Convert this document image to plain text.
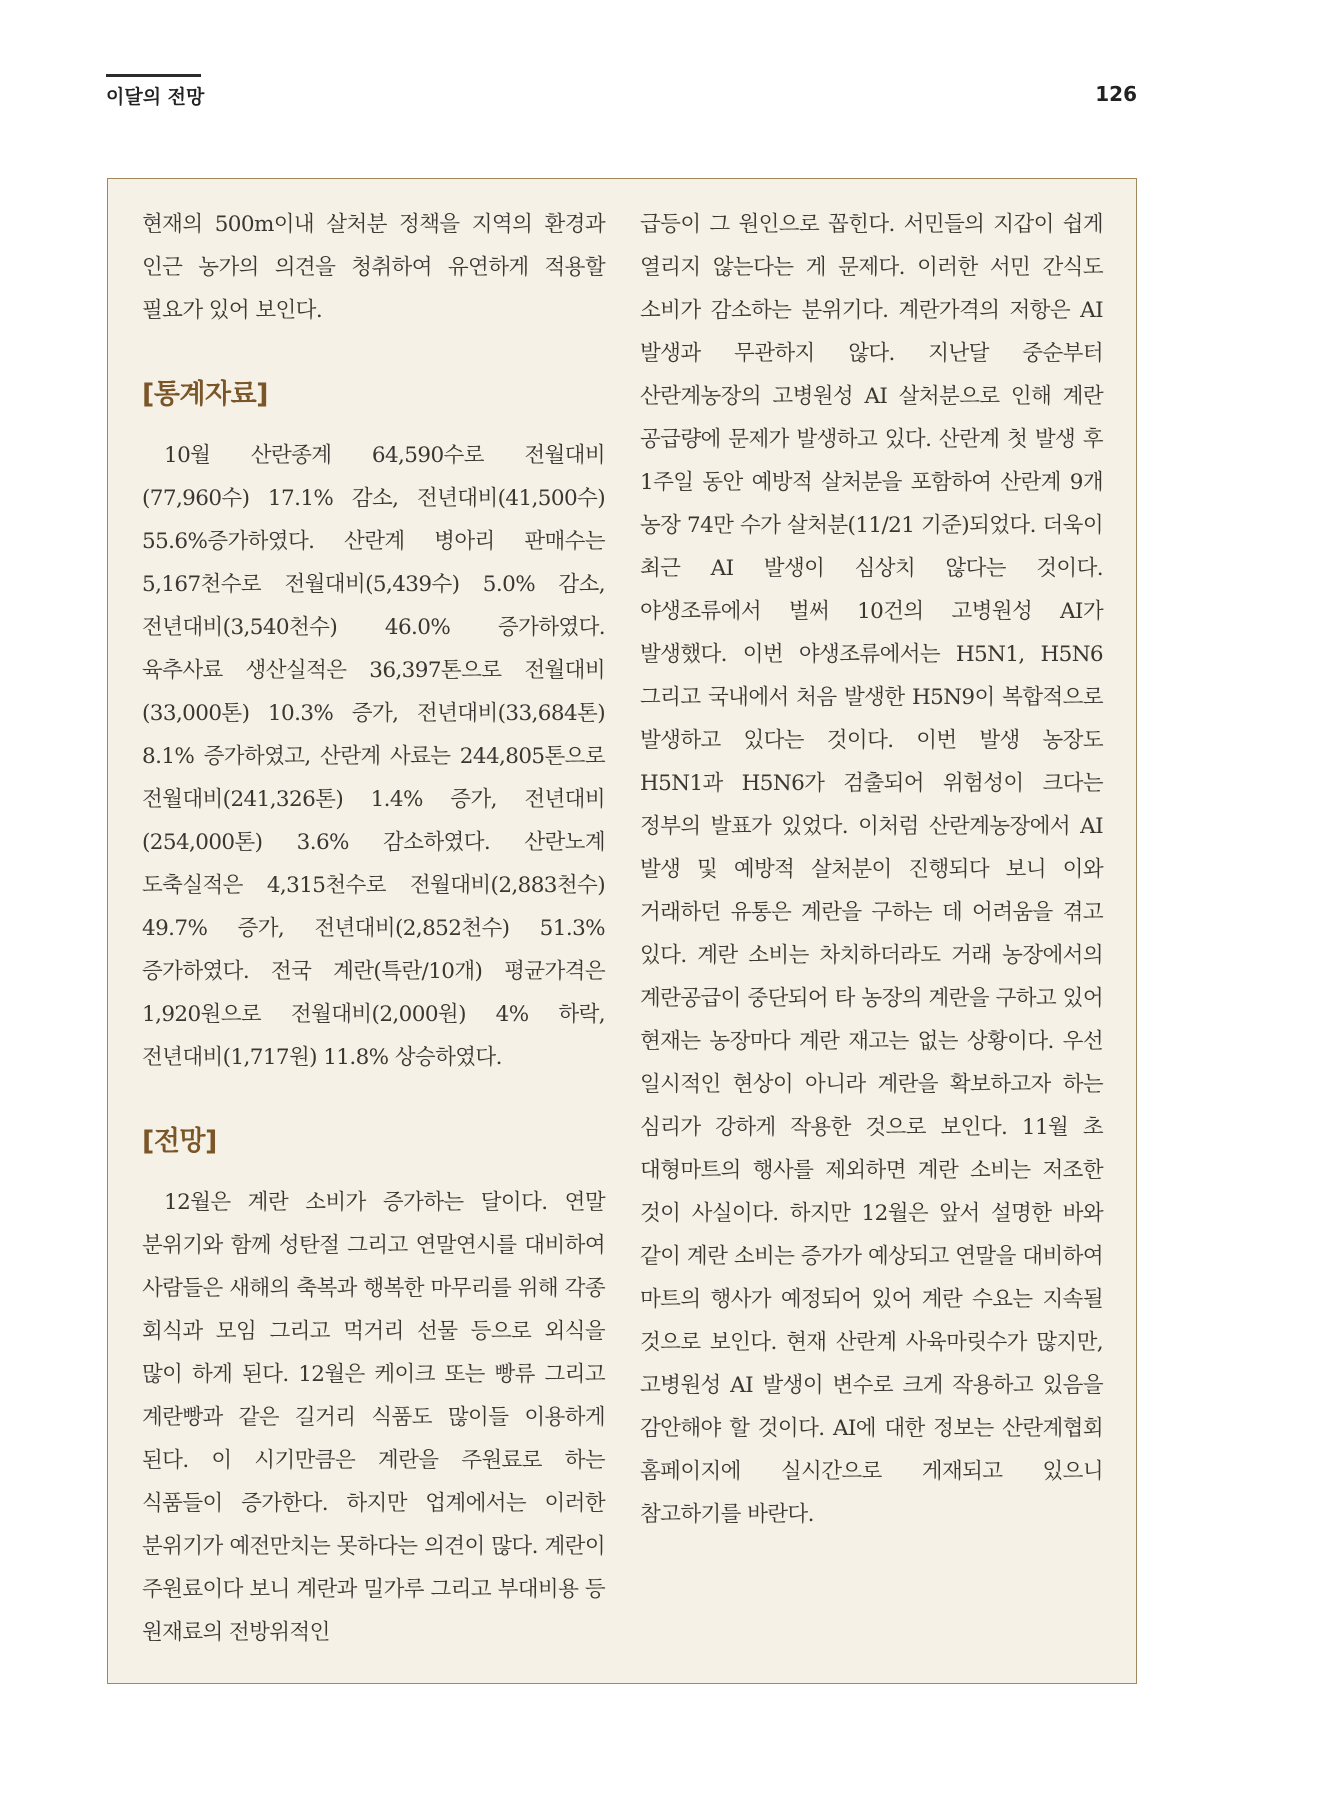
이달의 전망	126

현재의 500m이내 살처분 정책을 지역의 환경과 인근 농가의 의견을 청취하여 유연하게 적용할 필요가 있어 보인다.

[통계자료]

10월 산란종계 64,590수로 전월대비(77,960수) 17.1% 감소, 전년대비(41,500수) 55.6%증가하였다. 산란계 병아리 판매수는 5,167천수로 전월대비(5,439수) 5.0% 감소, 전년대비(3,540천수) 46.0% 증가하였다. 육추사료 생산실적은 36,397톤으로 전월대비(33,000톤) 10.3% 증가, 전년대비(33,684톤) 8.1% 증가하였고, 산란계 사료는 244,805톤으로 전월대비(241,326톤) 1.4% 증가, 전년대비(254,000톤) 3.6% 감소하였다. 산란노계 도축실적은 4,315천수로 전월대비(2,883천수) 49.7% 증가, 전년대비(2,852천수) 51.3% 증가하였다. 전국 계란(특란/10개) 평균가격은 1,920원으로 전월대비(2,000원) 4% 하락, 전년대비(1,717원) 11.8% 상승하였다.

[전망]

12월은 계란 소비가 증가하는 달이다. 연말 분위기와 함께 성탄절 그리고 연말연시를 대비하여 사람들은 새해의 축복과 행복한 마무리를 위해 각종 회식과 모임 그리고 먹거리 선물 등으로 외식을 많이 하게 된다. 12월은 케이크 또는 빵류 그리고 계란빵과 같은 길거리 식품도 많이들 이용하게 된다. 이 시기만큼은 계란을 주원료로 하는 식품들이 증가한다. 하지만 업계에서는 이러한 분위기가 예전만치는 못하다는 의견이 많다. 계란이 주원료이다 보니 계란과 밀가루 그리고 부대비용 등 원재료의 전방위적인

급등이 그 원인으로 꼽힌다. 서민들의 지갑이 쉽게 열리지 않는다는 게 문제다. 이러한 서민 간식도 소비가 감소하는 분위기다. 계란가격의 저항은 AI 발생과 무관하지 않다. 지난달 중순부터 산란계농장의 고병원성 AI 살처분으로 인해 계란 공급량에 문제가 발생하고 있다. 산란계 첫 발생 후 1주일 동안 예방적 살처분을 포함하여 산란계 9개 농장 74만 수가 살처분(11/21 기준)되었다. 더욱이 최근 AI 발생이 심상치 않다는 것이다. 야생조류에서 벌써 10건의 고병원성 AI가 발생했다. 이번 야생조류에서는 H5N1, H5N6 그리고 국내에서 처음 발생한 H5N9이 복합적으로 발생하고 있다는 것이다. 이번 발생 농장도 H5N1과 H5N6가 검출되어 위험성이 크다는 정부의 발표가 있었다. 이처럼 산란계농장에서 AI 발생 및 예방적 살처분이 진행되다 보니 이와 거래하던 유통은 계란을 구하는 데 어려움을 겪고 있다. 계란 소비는 차치하더라도 거래 농장에서의 계란공급이 중단되어 타 농장의 계란을 구하고 있어 현재는 농장마다 계란 재고는 없는 상황이다. 우선 일시적인 현상이 아니라 계란을 확보하고자 하는 심리가 강하게 작용한 것으로 보인다. 11월 초 대형마트의 행사를 제외하면 계란 소비는 저조한 것이 사실이다. 하지만 12월은 앞서 설명한 바와 같이 계란 소비는 증가가 예상되고 연말을 대비하여 마트의 행사가 예정되어 있어 계란 수요는 지속될 것으로 보인다. 현재 산란계 사육마릿수가 많지만, 고병원성 AI 발생이 변수로 크게 작용하고 있음을 감안해야 할 것이다. AI에 대한 정보는 산란계협회 홈페이지에 실시간으로 게재되고 있으니 참고하기를 바란다.
